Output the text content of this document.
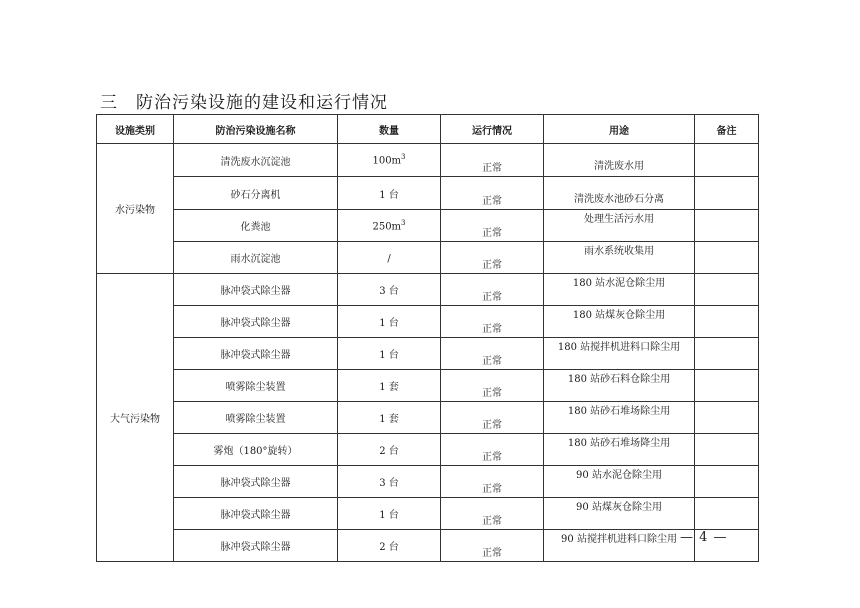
三 防治污染设施的建设和运行情况
设施类别	防治污染设施名称	数量	运行情况	用途	备注
水污染物	清洗废水沉淀池	$100m^3$	正常	清洗废水用	
	砂石分离机	1 台	正常	清洗废水池砂石分离	
	化粪池	$250m^3$	正常	处理生活污水用	
	雨水沉淀池	/	正常	雨水系统收集用	
大气污染物	脉冲袋式除尘器	3 台	正常	180 站水泥仓除尘用	
	脉冲袋式除尘器	1 台	正常	180 站煤灰仓除尘用	
	脉冲袋式除尘器	1 台	正常	180 站搅拌机进料口除尘用	
	喷雾除尘装置	1 套	正常	180 站砂石料仓除尘用	
	喷雾除尘装置	1 套	正常	180 站砂石堆场除尘用	
	雾炮（180°旋转）	2 台	正常	180 站砂石堆场降尘用	
	脉冲袋式除尘器	3 台	正常	90 站水泥仓除尘用	
	脉冲袋式除尘器	1 台	正常	90 站煤灰仓除尘用	
	脉冲袋式除尘器	2 台	正常	90 站搅拌机进料口除尘用	— 4 —
